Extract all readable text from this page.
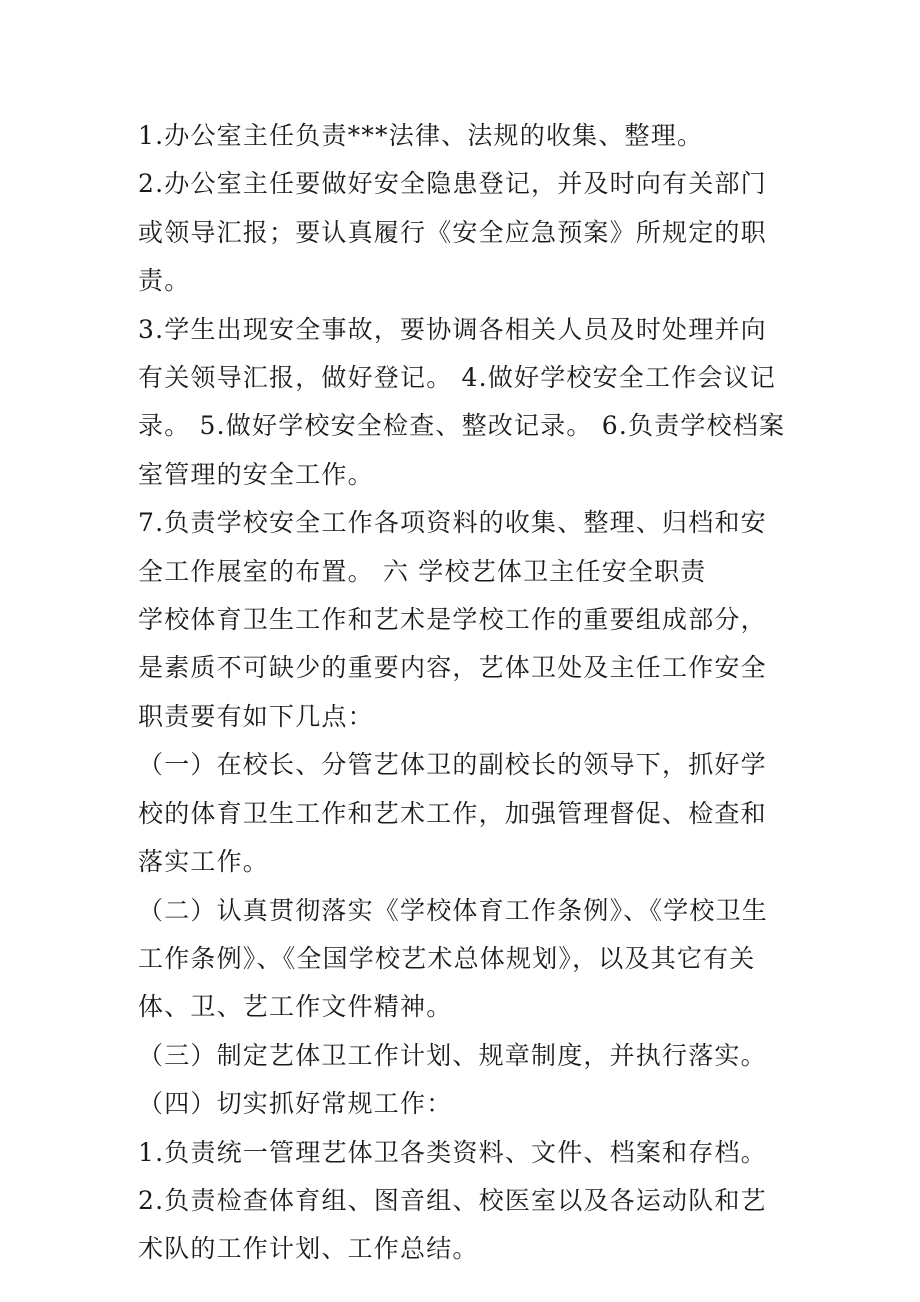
1.办公室主任负责***法律、法规的收集、整理。

2.办公室主任要做好安全隐患登记，并及时向有关部门或领导汇报；要认真履行《安全应急预案》所规定的职责。

3.学生出现安全事故，要协调各相关人员及时处理并向有关领导汇报，做好登记。 4.做好学校安全工作会议记录。 5.做好学校安全检查、整改记录。 6.负责学校档案室管理的安全工作。

7.负责学校安全工作各项资料的收集、整理、归档和安全工作展室的布置。 六 学校艺体卫主任安全职责

学校体育卫生工作和艺术是学校工作的重要组成部分，是素质不可缺少的重要内容，艺体卫处及主任工作安全职责要有如下几点：

（一）在校长、分管艺体卫的副校长的领导下，抓好学校的体育卫生工作和艺术工作，加强管理督促、检查和落实工作。

（二）认真贯彻落实《学校体育工作条例》、《学校卫生工作条例》、《全国学校艺术总体规划》，以及其它有关体、卫、艺工作文件精神。

（三）制定艺体卫工作计划、规章制度，并执行落实。

（四）切实抓好常规工作：

1.负责统一管理艺体卫各类资料、文件、档案和存档。

2.负责检查体育组、图音组、校医室以及各运动队和艺术队的工作计划、工作总结。
